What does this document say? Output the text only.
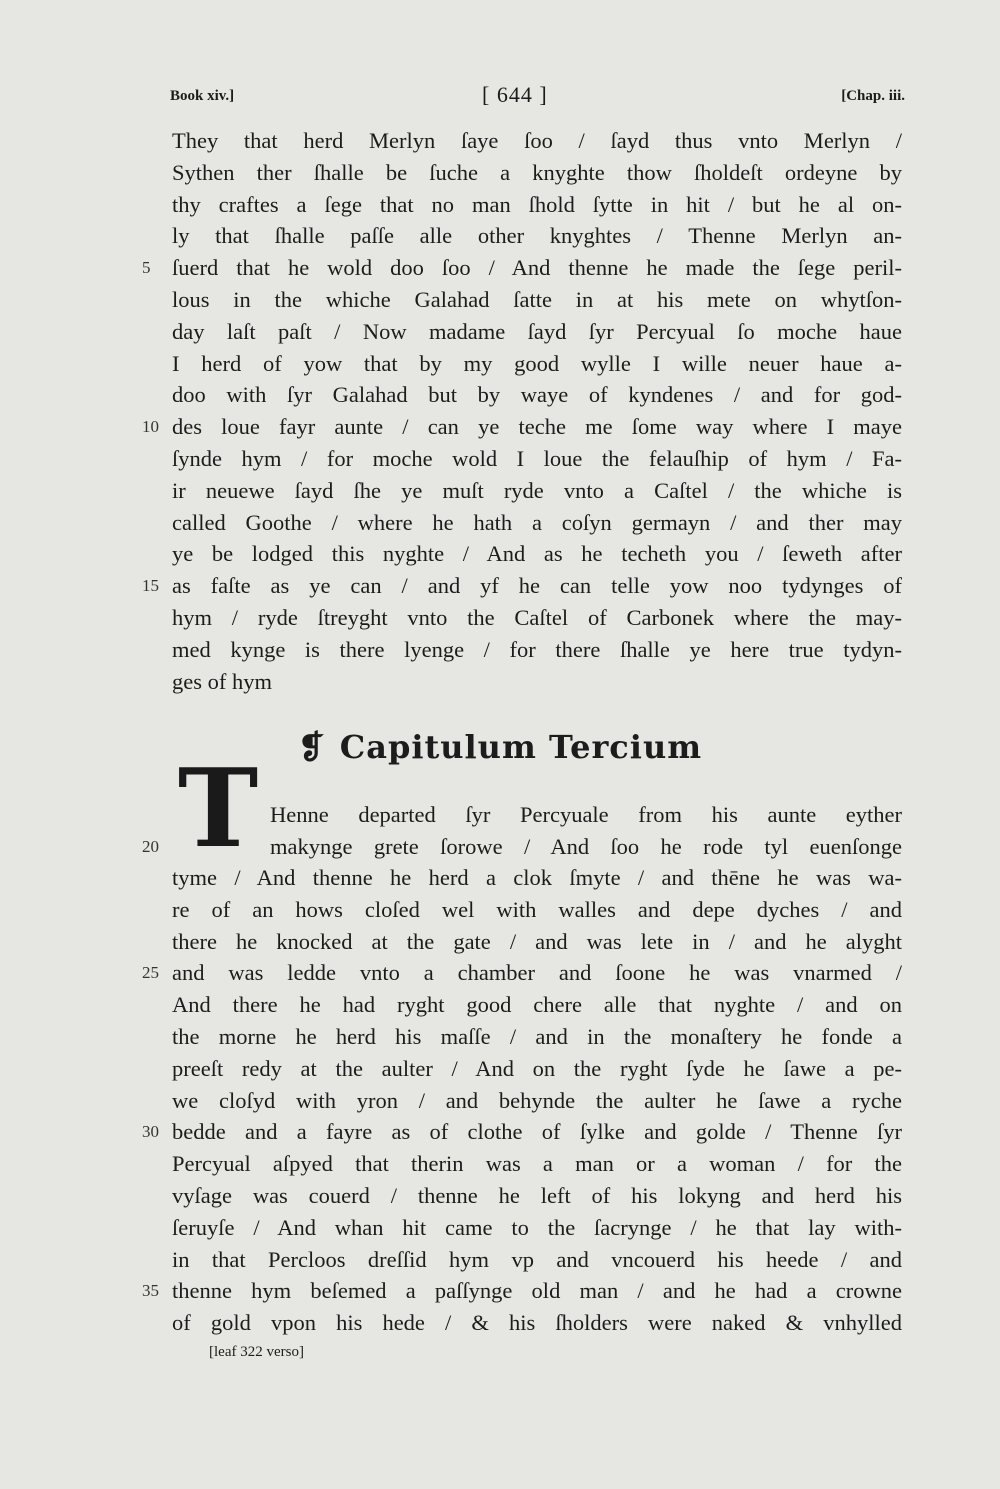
Book xiv.]	[ 644 ]	[Chap. iii.
They that herd Merlyn ſaye ſoo / ſayd thus vnto Merlyn /
Sythen ther ſhalle be ſuche a knyghte thow ſholdeſt ordeyne by
thy craftes a ſege that no man ſhold ſytte in hit / but he al on-
ly that ſhalle paſſe alle other knyghtes / Thenne Merlyn an-
ſuerd that he wold doo ſoo / And thenne he made the ſege peril-
5
lous in the whiche Galahad ſatte in at his mete on whytſon-
day laſt paſt / Now madame ſayd ſyr Percyual ſo moche haue
I herd of yow that by my good wylle I wille neuer haue a-
doo with ſyr Galahad but by waye of kyndenes / and for god-
des loue fayr aunte / can ye teche me ſome way where I maye
10
ſynde hym / for moche wold I loue the felauſhip of hym / Fa-
ir neuewe ſayd ſhe ye muſt ryde vnto a Caſtel / the whiche is
called Goothe / where he hath a coſyn germayn / and ther may
ye be lodged this nyghte / And as he techeth you / ſeweth after
as faſte as ye can / and yf he can telle yow noo tydynges of
15
hym / ryde ſtreyght vnto the Caſtel of Carbonek where the may-
med kynge is there lyenge / for there ſhalle ye here true tydyn-
ges of hym
❡ Capitulum Tercium
T Henne departed ſyr Percyuale from his aunte eyther
makynge grete ſorowe / And ſoo he rode tyl euenſonge
20
tyme / And thenne he herd a clok ſmyte / and thēne he was wa-
re of an hows cloſed wel with walles and depe dyches / and
there he knocked at the gate / and was lete in / and he alyght
and was ledde vnto a chamber and ſoone he was vnarmed /
25
And there he had ryght good chere alle that nyghte / and on
the morne he herd his maſſe / and in the monaſtery he fonde a
preeſt redy at the aulter / And on the ryght ſyde he ſawe a pe-
we cloſyd with yron / and behynde the aulter he ſawe a ryche
bedde and a fayre as of clothe of ſylke and golde / Thenne ſyr
30
Percyual aſpyed that therin was a man or a woman / for the
vyſage was couerd / thenne he left of his lokyng and herd his
ſeruyſe / And whan hit came to the ſacrynge / he that lay with-
in that Percloos dreſſid hym vp and vncouerd his heede / and
thenne hym beſemed a paſſynge old man / and he had a crowne
35
of gold vpon his hede / & his ſholders were naked & vnhylled
[leaf 322 verso]
